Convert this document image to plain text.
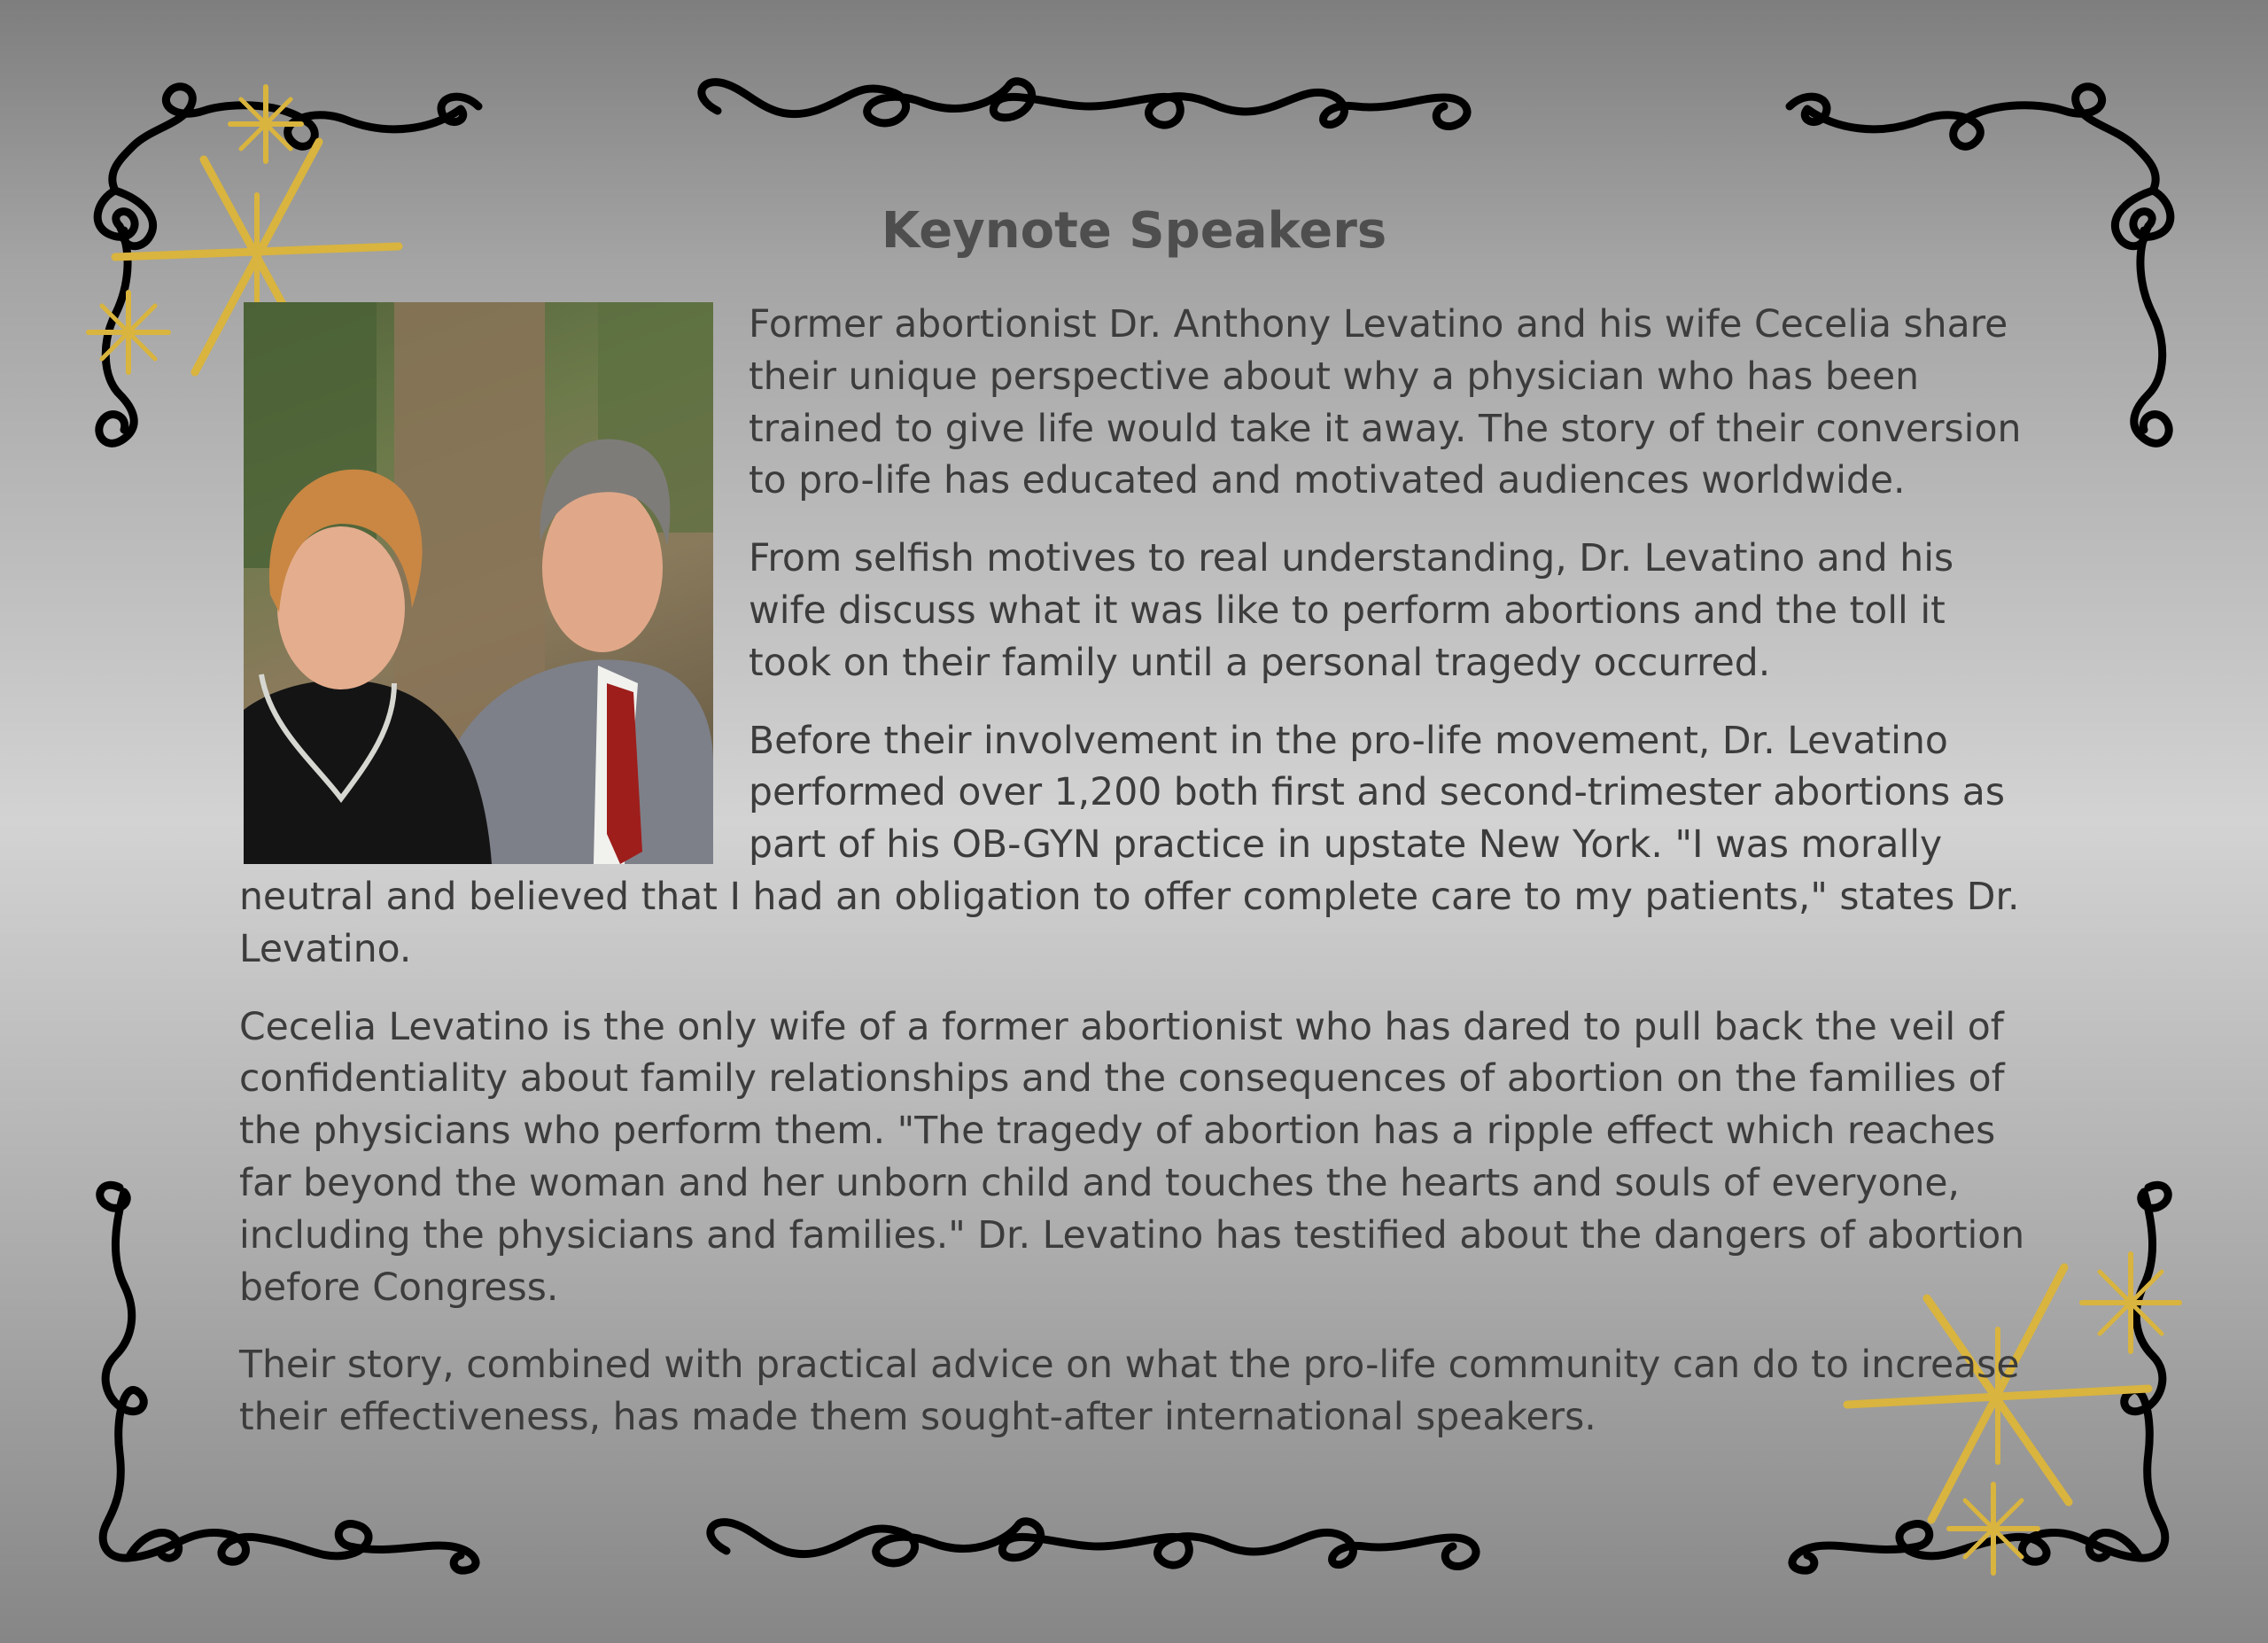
Keynote Speakers

Former abortionist Dr. Anthony Levatino and his wife Cecelia share their unique perspective about why a physician who has been trained to give life would take it away. The story of their conversion to pro-life has educated and motivated audiences worldwide.

From selfish motives to real understanding, Dr. Levatino and his wife discuss what it was like to perform abortions and the toll it took on their family until a personal tragedy occurred.

Before their involvement in the pro-life movement, Dr. Levatino performed over 1,200 both first and second-trimester abortions as part of his OB-GYN practice in upstate New York. "I was morally neutral and believed that I had an obligation to offer complete care to my patients," states Dr. Levatino.

Cecelia Levatino is the only wife of a former abortionist who has dared to pull back the veil of confidentiality about family relationships and the consequences of abortion on the families of the physicians who perform them. "The tragedy of abortion has a ripple effect which reaches far beyond the woman and her unborn child and touches the hearts and souls of everyone, including the physicians and families." Dr. Levatino has testified about the dangers of abortion before Congress.

Their story, combined with practical advice on what the pro-life community can do to increase their effectiveness, has made them sought-after international speakers.
